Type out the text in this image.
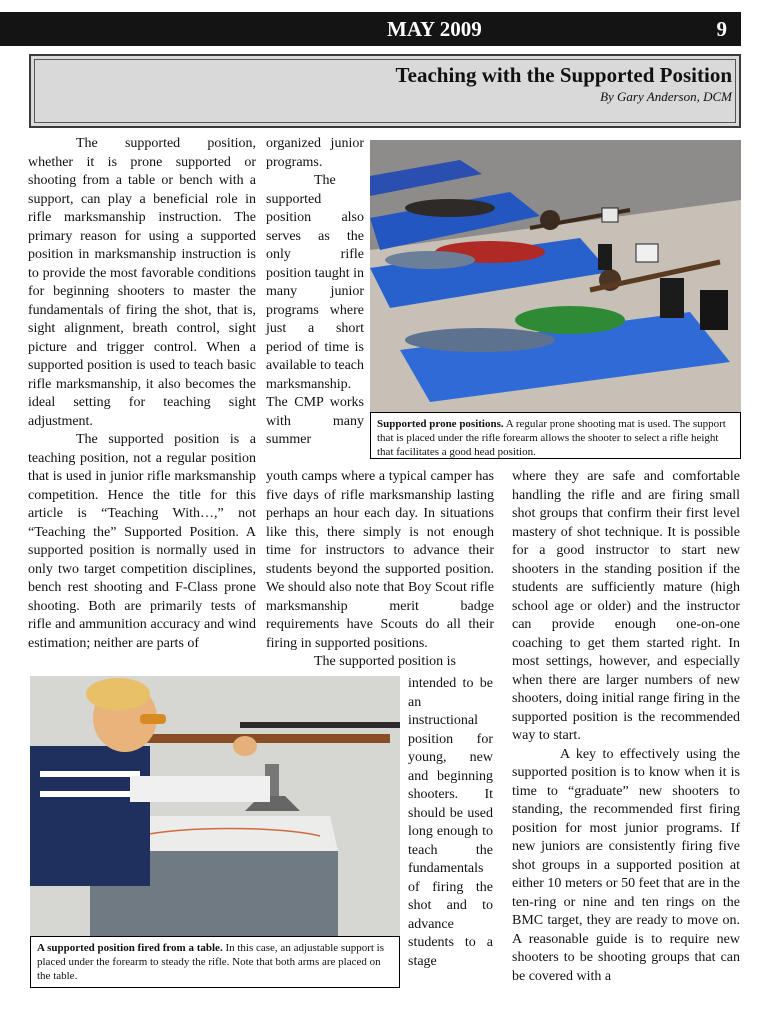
MAY 2009	9
Teaching with the Supported Position
By Gary Anderson, DCM

The supported position, whether it is prone supported or shooting from a table or bench with a support, can play a beneficial role in rifle marksmanship instruction. The primary reason for using a supported position in marksmanship instruction is to provide the most favorable conditions for beginning shooters to master the fundamentals of firing the shot, that is, sight alignment, breath control, sight picture and trigger control. When a supported position is used to teach basic rifle marksmanship, it also becomes the ideal setting for teaching sight adjustment.

The supported position is a teaching position, not a regular position that is used in junior rifle marksmanship competition. Hence the title for this article is “Teaching With…,” not “Teaching the” Supported Position. A supported position is normally used in only two target competition disciplines, bench rest shooting and F-Class prone shooting. Both are primarily tests of rifle and ammunition accuracy and wind estimation; neither are parts of

organized junior programs.

The supported position also serves as the only rifle position taught in many junior programs where just a short period of time is available to teach marksmanship. The CMP works with many summer

Supported prone positions. A regular prone shooting mat is used. The support that is placed under the rifle forearm allows the shooter to select a rifle height that facilitates a good head position.

youth camps where a typical camper has five days of rifle marksmanship lasting perhaps an hour each day. In situations like this, there simply is not enough time for instructors to advance their students beyond the supported position. We should also note that Boy Scout rifle marksmanship merit badge requirements have Scouts do all their firing in supported positions.

The supported position is

A supported position fired from a table. In this case, an adjustable support is placed under the forearm to steady the rifle. Note that both arms are placed on the table.

intended to be an instructional position for young, new and beginning shooters. It should be used long enough to teach the fundamentals of firing the shot and to advance students to a stage

where they are safe and comfortable handling the rifle and are firing small shot groups that confirm their first level mastery of shot technique. It is possible for a good instructor to start new shooters in the standing position if the students are sufficiently mature (high school age or older) and the instructor can provide enough one-on-one coaching to get them started right. In most settings, however, and especially when there are larger numbers of new shooters, doing initial range firing in the supported position is the recommended way to start.

A key to effectively using the supported position is to know when it is time to “graduate” new shooters to standing, the recommended first firing position for most junior programs. If new juniors are consistently firing five shot groups in a supported position at either 10 meters or 50 feet that are in the ten-ring or nine and ten rings on the BMC target, they are ready to move on. A reasonable guide is to require new shooters to be shooting groups that can be covered with a
